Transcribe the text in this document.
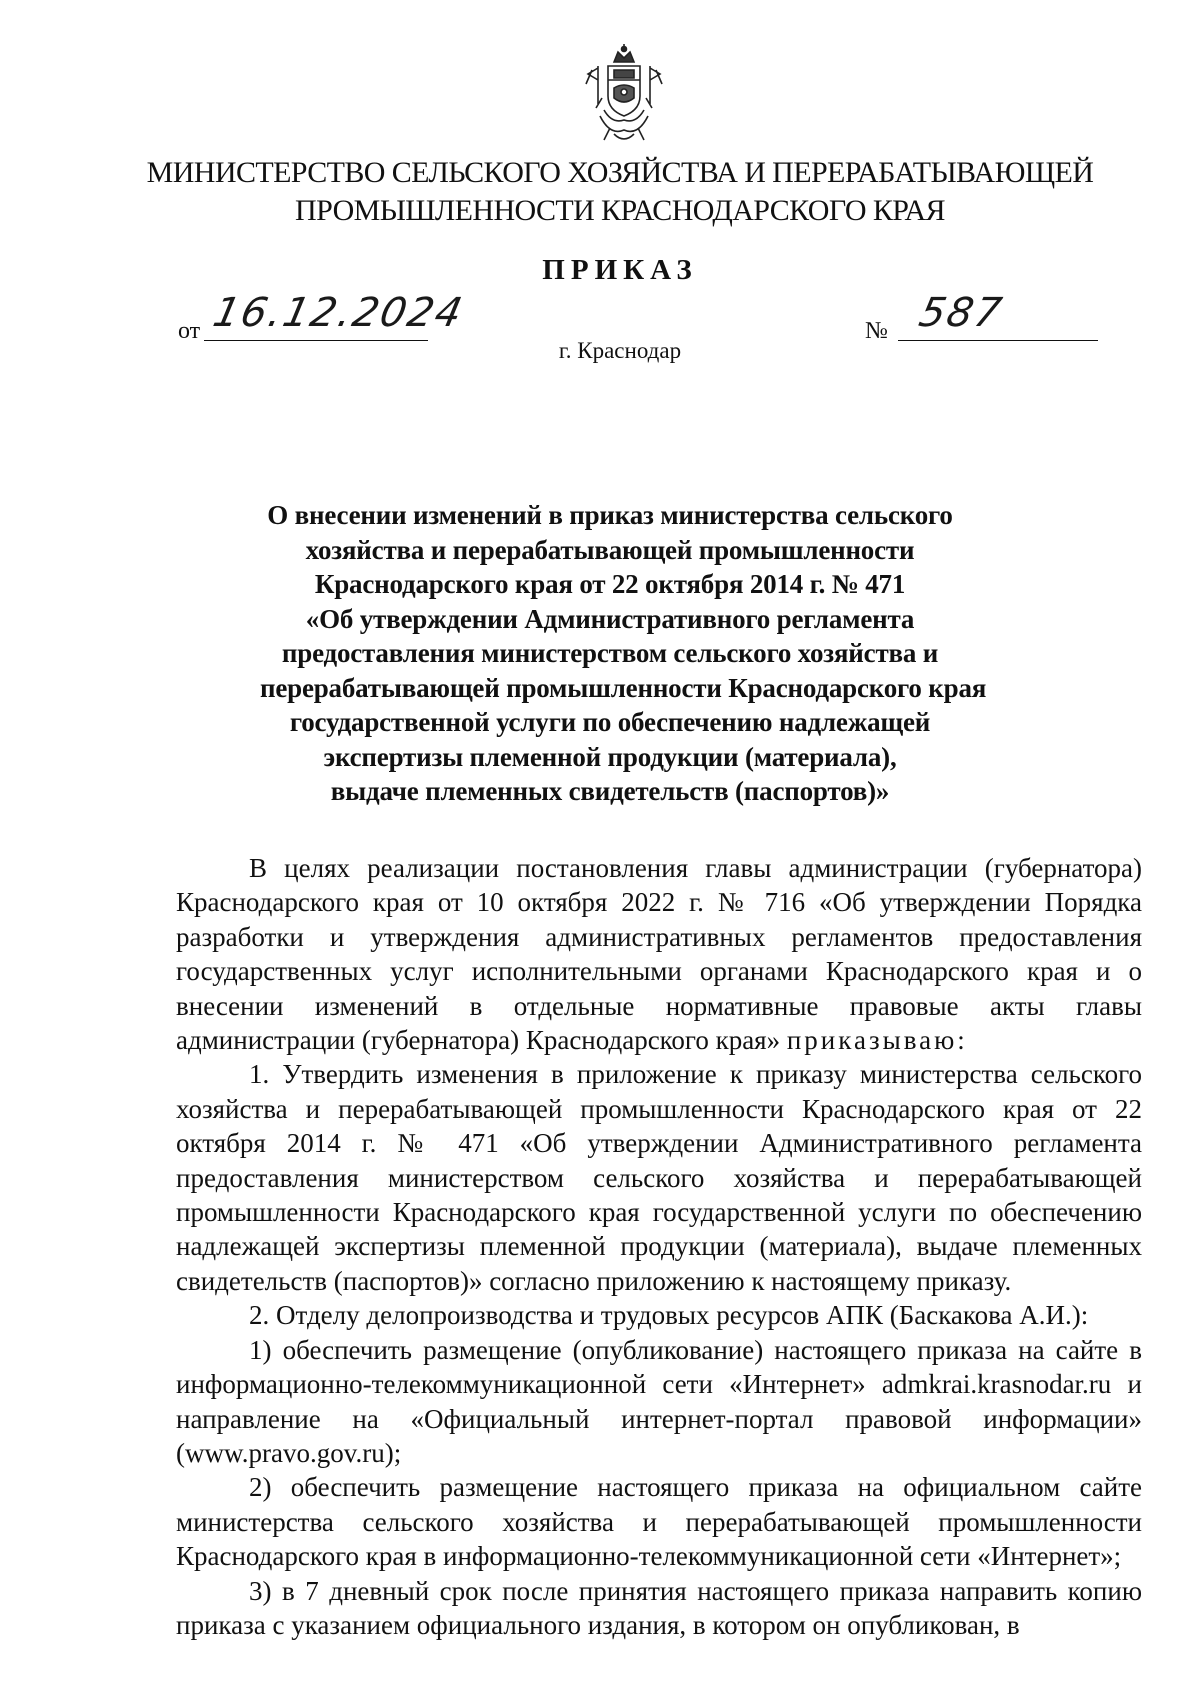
МИНИСТЕРСТВО СЕЛЬСКОГО ХОЗЯЙСТВА И ПЕРЕРАБАТЫВАЮЩЕЙ
ПРОМЫШЛЕННОСТИ КРАСНОДАРСКОГО КРАЯ
ПРИКАЗ
от 16.12.2024	№ 587
г. Краснодар
О внесении изменений в приказ министерства сельского
хозяйства и перерабатывающей промышленности
Краснодарского края от 22 октября 2014 г. № 471
«Об утверждении Административного регламента
предоставления министерством сельского хозяйства и
перерабатывающей промышленности Краснодарского края
государственной услуги по обеспечению надлежащей
экспертизы племенной продукции (материала),
выдаче племенных свидетельств (паспортов)»

В целях реализации постановления главы администрации (губернатора) Краснодарского края от 10 октября 2022 г. № 716 «Об утверждении Порядка разработки и утверждения административных регламентов предоставления государственных услуг исполнительными органами Краснодарского края и о внесении изменений в отдельные нормативные правовые акты главы администрации (губернатора) Краснодарского края» приказываю:

1. Утвердить изменения в приложение к приказу министерства сельского хозяйства и перерабатывающей промышленности Краснодарского края от 22 октября 2014 г. № 471 «Об утверждении Административного регламента предоставления министерством сельского хозяйства и перерабатывающей промышленности Краснодарского края государственной услуги по обеспечению надлежащей экспертизы племенной продукции (материала), выдаче племенных свидетельств (паспортов)» согласно приложению к настоящему приказу.

2. Отделу делопроизводства и трудовых ресурсов АПК (Баскакова А.И.):

1) обеспечить размещение (опубликование) настоящего приказа на сайте в информационно-телекоммуникационной сети «Интернет» admkrai.krasnodar.ru и направление на «Официальный интернет-портал правовой информации» (www.pravo.gov.ru);

2) обеспечить размещение настоящего приказа на официальном сайте министерства сельского хозяйства и перерабатывающей промышленности Краснодарского края в информационно-телекоммуникационной сети «Интернет»;

3) в 7 дневный срок после принятия настоящего приказа направить копию приказа с указанием официального издания, в котором он опубликован, в
